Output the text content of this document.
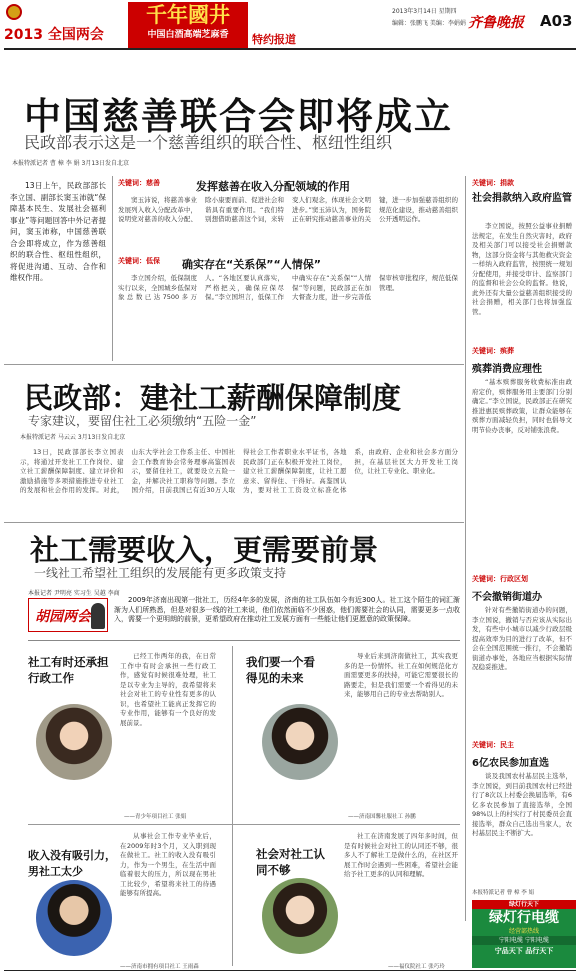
2013 全国两会
千年國井
中国白酒高端芝麻香	特约报道
2013年3月14日 星期四
编辑：张鹏飞 美编：李娟娟 齐鲁晚报 A03
中国慈善联合会即将成立
民政部表示这是一个慈善组织的联合性、枢纽性组织
本报特派记者 曹 樟 李 娟 3月13日发自北京

13日上午，民政部部长李立国、副部长窦玉沛就“保障基本民生、发展社会福利事业”等问题回答中外记者提问，窦玉沛称，中国慈善联合会即将成立，作为慈善组织的联合性、枢纽性组织，将促进沟通、互动、合作和维权作用。

关键词：慈善	发挥慈善在收入分配领域的作用
窦玉沛说，将慈善事业发展列入收入分配改革中，说明党对慈善的收入分配、除小康要面前、促进社会和谐具有重要作用。“我们特别想借助慈善这个词，来转变人们观念，体现社会文明进步。”窦玉沛认为，国务院正在研究推动慈善事业的关键，进一步加强慈善组织的规范化建设，推动慈善组织公开透明运作。
关键词：低保 确实存在“关系保”“人情保”
李立国介绍，低保制度实行以来，全国城乡低保对象总数已达7500多万人。“各地区要认真落实，严格把关，确保应保尽保。”李立国坦言，低保工作中确实存在“关系保”“人情保”等问题，民政部正在加大督查力度，进一步完善低保审核审批程序，规范低保管理。
关键词：捐款
社会捐款纳入政府监管
李立国说，按照公益事业捐赠法规定，在发生自然灾害时，政府及相关部门可以接受社会捐赠款物，这部分资金将与其他救灾资金一样纳入政府监管，按照统一规划分配使用，并接受审计、监察部门的监督和社会公众的监督。他说，此外还有大量公益慈善组织接受的社会捐赠，相关部门也将加强监管。
民政部：建社工薪酬保障制度
专家建议，要留住社工必须缴纳“五险一金”
本报特派记者 马云云 3月13日发自北京
13日，民政部部长李立国表示，将通过开发社工工作岗位、建立社工薪酬保障制度、建立评价和激励措施等多项措施推进专业社工的发展和社会作用的发挥。对此，山东大学社会工作系主任、中国社会工作教育协会常务理事高鉴国表示，要留住社工，就要设立五险一金，并解决社工职称等问题。李立国介绍，目前我国已有近30万人取得社会工作者职业水平证书，各地民政部门正在积极开发社工岗位，建立社工薪酬保障制度，让社工愿意来、留得住、干得好。高鉴国认为，要对社工工资设立标准化体系，由政府、企业和社会多方面分担，在基层社区大力开发社工岗位，让社工专业化、职业化。
关键词：殡葬
殡葬消费应理性
“基本殡葬服务收费标准由政府定价，殡葬服务用主要部门分别确定。”李立国说，民政部正在研究推进惠民殡葬政策，让群众能够在殡葬方面减轻负担，同时也倡导文明节俭办丧事，反对铺张浪费。
关键词：行政区划
不会撤销街道办
针对有些撤销街道办的问题，李立国说，撤销与否应该从实际出发，有些中小城市以减少行政层级提高效率为目的进行了改革，但不会在全国范围统一推行，不会撤销街道办事处，各地应当根据实际情况稳妥推进。
关键词：民主
6亿农民参加直选
谈及我国农村基层民主选举，李立国说，到目前我国农村已经进行了8次以上村委会换届选举，有6亿多农民参加了直接选举，全国98%以上的村实行了村民委员会直接选举，群众自己选出当家人，农村基层民主不断扩大。
本报特派记者 曹 樟 李 娟
社工需要收入，更需要前景
一线社工希望社工组织的发展能有更多政策支持
本报记者 尹明亮 实习生 吴越 李商
胡园两会
2009年济南出现第一批社工，历经4年多的发展，济南的社工队伍如今有近300人。社工这个陌生的词汇渐渐为人们所熟悉，但是对很多一线的社工来说，他们依然面临不少困惑，他们需要社会的认同，需要更多一点收入，需要一个更明朗的前景，更希望政府在推动社工发展方面有一些能让他们更愿意的政策保障。
社工有时还承担行政工作
已经工作两年的我，在日常工作中有时会承担一些行政工作，感觉有时候很难处理，社工是以专业为主导的，我希望将来社会对社工的专业性有更多的认识，也希望社工能真正发挥它的专业作用，能够有一个良好的发展前景。
——青少年项目社工 张娟
我们要一个看得见的未来
导业后来到济南做社工，其实我更多的是一份情怀。社工在如何规范化方面需要更多的扶持，可能它需要很长的路要走，但是我们需要一个看得见的未来，能够用自己的专业去帮助别人。
——济南国馨社服社工 孙鹏
收入没有吸引力，男社工太少
从事社会工作专业毕业后，在2009年时3个月，又入职到现在做社工。社工的收入没有吸引力，作为一个男生，在生活中面临着很大的压力，所以现在男社工比较少，希望将来社工的待遇能够有所提高。
——济南市拥有项目社工 王雨森
社会对社工认同不够
社工在济南发展了四年多时间，但是有时候社会对社工的认同还不够，很多人不了解社工是做什么的，在社区开展工作时会遇到一些困难，希望社会能给予社工更多的认同和理解。
——福仪院社工 张巧玲
绿灯行天下
绿灯行电缆
经营部热线
宁阳电缆 宁阳电缆
宁品天下 品行天下
